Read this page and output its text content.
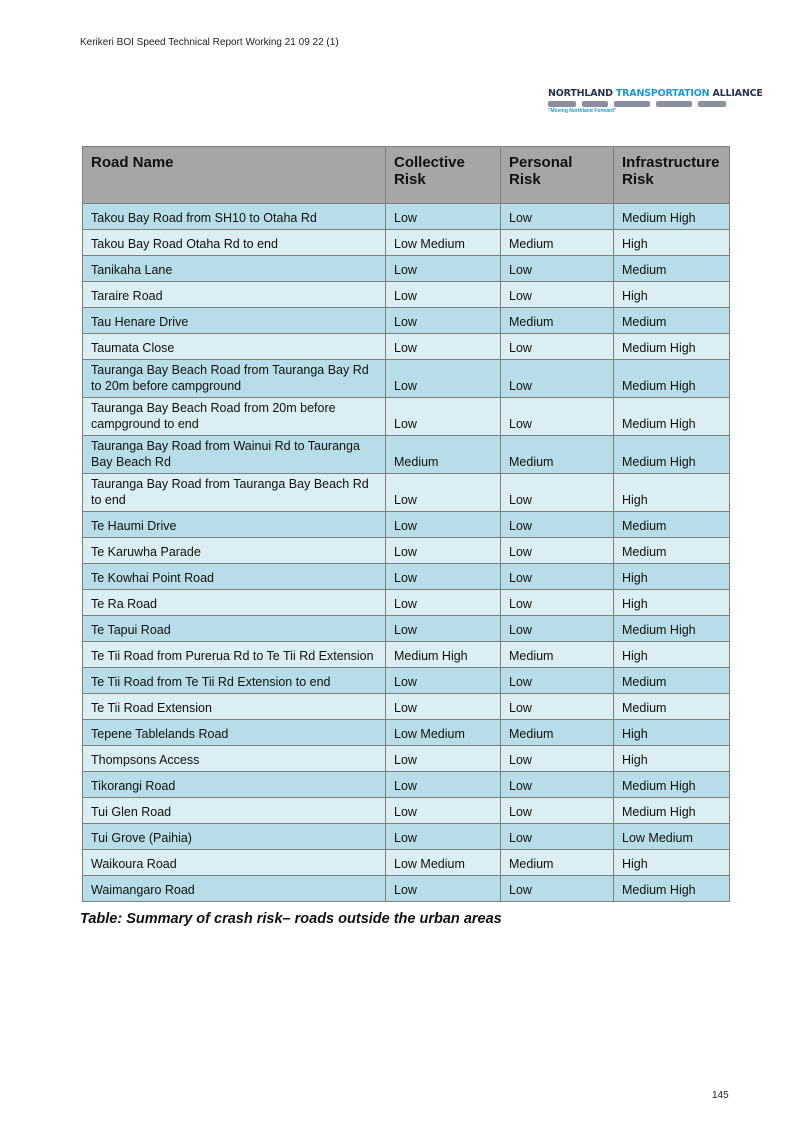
Kerikeri BOI Speed Technical Report Working 21 09 22 (1)
NORTHLAND TRANSPORTATION ALLIANCE
"Moving Northland Forward"
Road Name	Collective Risk	Personal Risk	Infrastructure Risk
Takou Bay Road from SH10 to Otaha Rd	Low	Low	Medium High
Takou Bay Road Otaha Rd to end	Low Medium	Medium	High
Tanikaha Lane	Low	Low	Medium
Taraire Road	Low	Low	High
Tau Henare Drive	Low	Medium	Medium
Taumata Close	Low	Low	Medium High
Tauranga Bay Beach Road from Tauranga Bay Rd to 20m before campground	Low	Low	Medium High
Tauranga Bay Beach Road from 20m before campground to end	Low	Low	Medium High
Tauranga Bay Road from Wainui Rd to Tauranga Bay Beach Rd	Medium	Medium	Medium High
Tauranga Bay Road from Tauranga Bay Beach Rd to end	Low	Low	High
Te Haumi Drive	Low	Low	Medium
Te Karuwha Parade	Low	Low	Medium
Te Kowhai Point Road	Low	Low	High
Te Ra Road	Low	Low	High
Te Tapui Road	Low	Low	Medium High
Te Tii Road from Purerua Rd to Te Tii Rd Extension	Medium High	Medium	High
Te Tii Road from Te Tii Rd Extension to end	Low	Low	Medium
Te Tii Road Extension	Low	Low	Medium
Tepene Tablelands Road	Low Medium	Medium	High
Thompsons Access	Low	Low	High
Tikorangi Road	Low	Low	Medium High
Tui Glen Road	Low	Low	Medium High
Tui Grove (Paihia)	Low	Low	Low Medium
Waikoura Road	Low Medium	Medium	High
Waimangaro Road	Low	Low	Medium High
Table: Summary of crash risk– roads outside the urban areas
145
